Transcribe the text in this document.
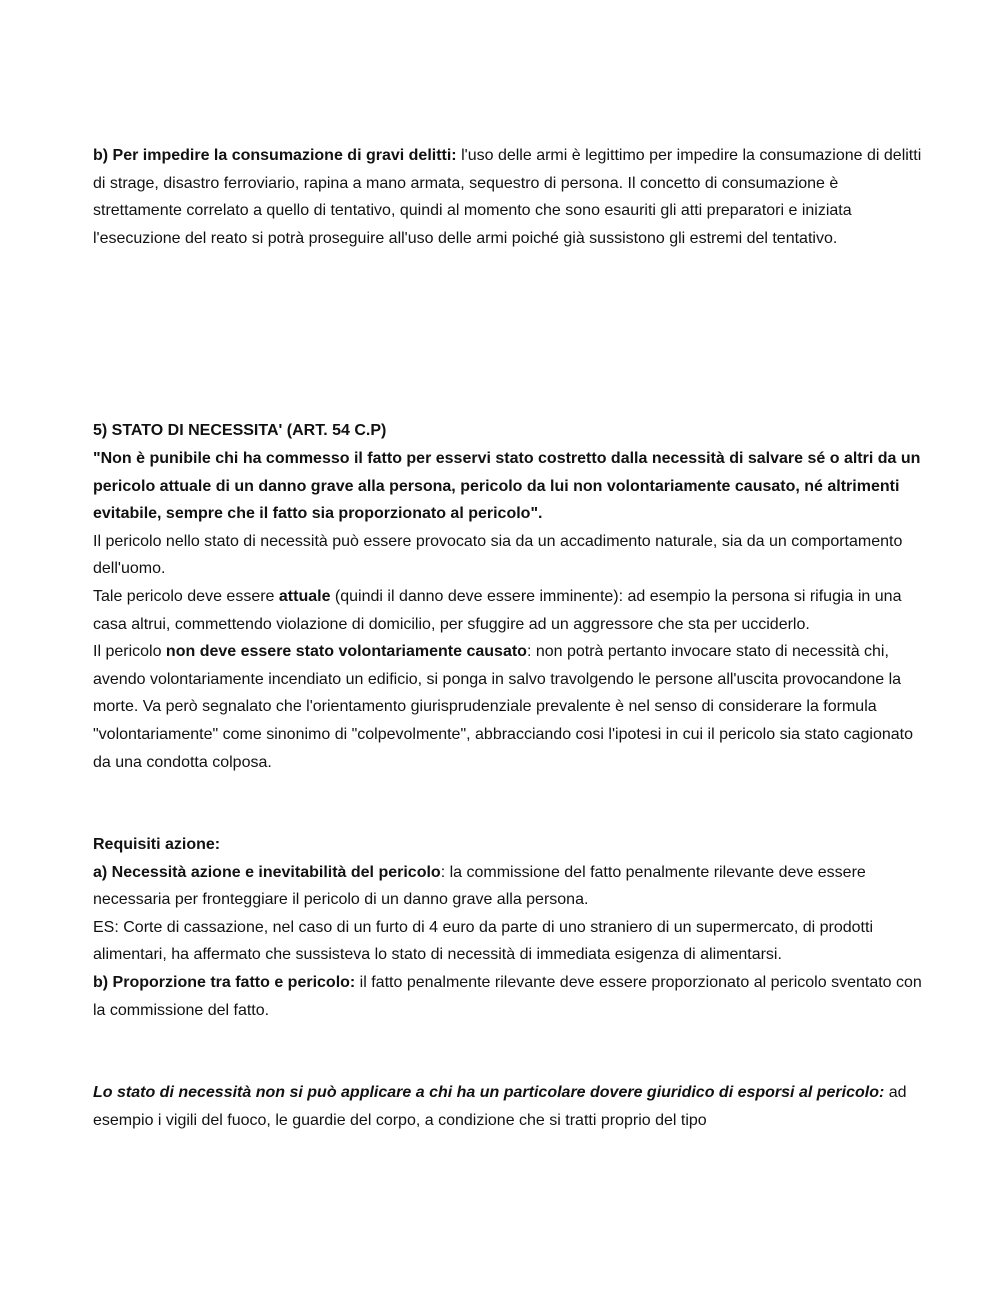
b) Per impedire la consumazione di gravi delitti: l'uso delle armi è legittimo per impedire la consumazione di delitti di strage, disastro ferroviario, rapina a mano armata, sequestro di persona. Il concetto di consumazione è strettamente correlato a quello di tentativo, quindi al momento che sono esauriti gli atti preparatori e iniziata l'esecuzione del reato si potrà proseguire all'uso delle armi poiché già sussistono gli estremi del tentativo.

5) STATO DI NECESSITA' (ART. 54 C.P)

"Non è punibile chi ha commesso il fatto per esservi stato costretto dalla necessità di salvare sé o altri da un pericolo attuale di un danno grave alla persona, pericolo da lui non volontariamente causato, né altrimenti evitabile, sempre che il fatto sia proporzionato al pericolo".

Il pericolo nello stato di necessità può essere provocato sia da un accadimento naturale, sia da un comportamento dell'uomo.

Tale pericolo deve essere attuale (quindi il danno deve essere imminente): ad esempio la persona si rifugia in una casa altrui, commettendo violazione di domicilio, per sfuggire ad un aggressore che sta per ucciderlo.

Il pericolo non deve essere stato volontariamente causato: non potrà pertanto invocare stato di necessità chi, avendo volontariamente incendiato un edificio, si ponga in salvo travolgendo le persone all'uscita provocandone la morte. Va però segnalato che l'orientamento giurisprudenziale prevalente è nel senso di considerare la formula "volontariamente" come sinonimo di "colpevolmente", abbracciando cosi l'ipotesi in cui il pericolo sia stato cagionato da una condotta colposa.

Requisiti azione:

a) Necessità azione e inevitabilità del pericolo: la commissione del fatto penalmente rilevante deve essere necessaria per fronteggiare il pericolo di un danno grave alla persona.

ES: Corte di cassazione, nel caso di un furto di 4 euro da parte di uno straniero di un supermercato, di prodotti alimentari, ha affermato che sussisteva lo stato di necessità di immediata esigenza di alimentarsi.

b) Proporzione tra fatto e pericolo: il fatto penalmente rilevante deve essere proporzionato al pericolo sventato con la commissione del fatto.

Lo stato di necessità non si può applicare a chi ha un particolare dovere giuridico di esporsi al pericolo: ad esempio i vigili del fuoco, le guardie del corpo, a condizione che si tratti proprio del tipo
